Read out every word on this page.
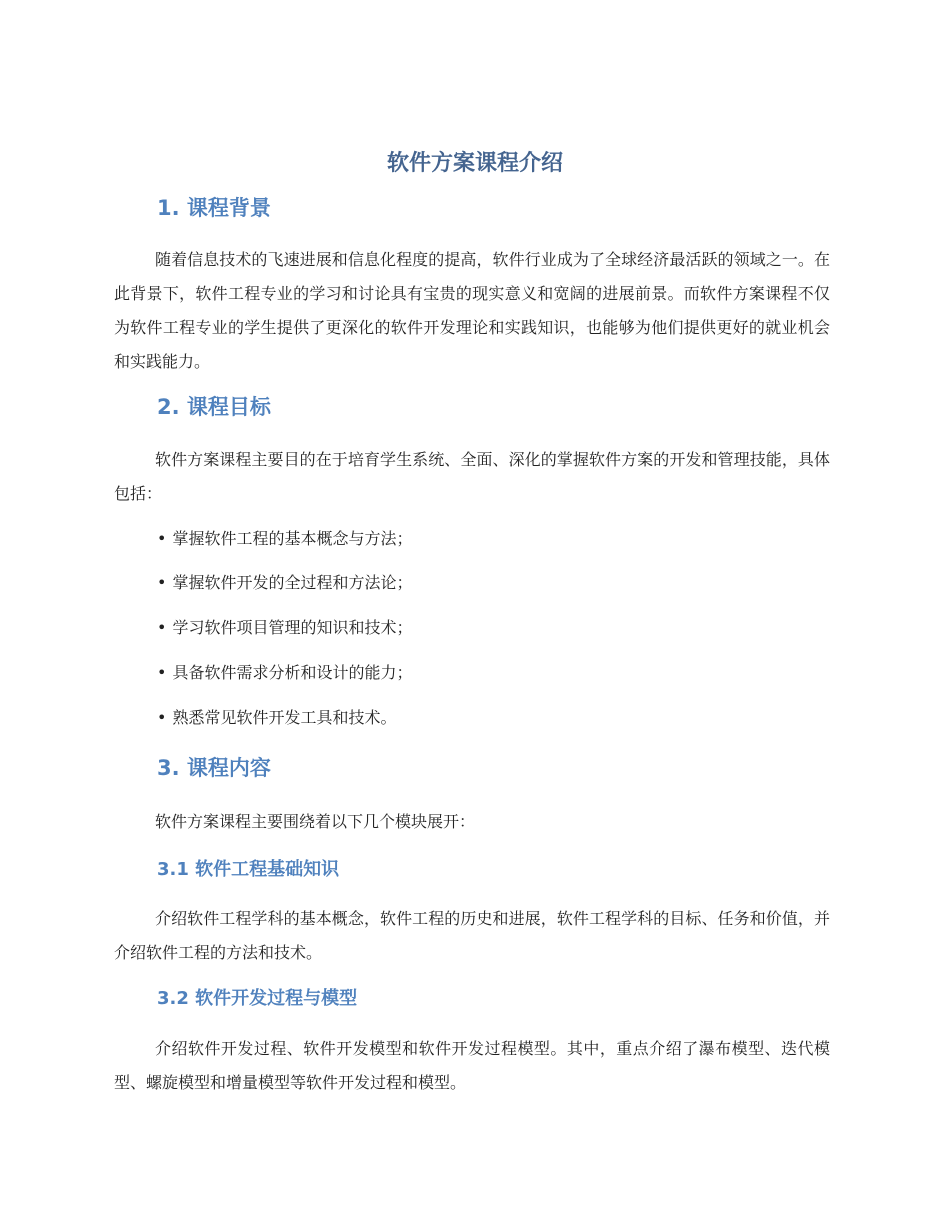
软件方案课程介绍
1. 课程背景
随着信息技术的飞速进展和信息化程度的提高，软件行业成为了全球经济最活跃的领域之一。在此背景下，软件工程专业的学习和讨论具有宝贵的现实意义和宽阔的进展前景。而软件方案课程不仅为软件工程专业的学生提供了更深化的软件开发理论和实践知识，也能够为他们提供更好的就业机会和实践能力。
2. 课程目标
软件方案课程主要目的在于培育学生系统、全面、深化的掌握软件方案的开发和管理技能，具体包括：
• 掌握软件工程的基本概念与方法；
• 掌握软件开发的全过程和方法论；
• 学习软件项目管理的知识和技术；
• 具备软件需求分析和设计的能力；
• 熟悉常见软件开发工具和技术。
3. 课程内容
软件方案课程主要围绕着以下几个模块展开：
3.1 软件工程基础知识
介绍软件工程学科的基本概念，软件工程的历史和进展，软件工程学科的目标、任务和价值，并介绍软件工程的方法和技术。
3.2 软件开发过程与模型
介绍软件开发过程、软件开发模型和软件开发过程模型。其中，重点介绍了瀑布模型、迭代模型、螺旋模型和增量模型等软件开发过程和模型。
